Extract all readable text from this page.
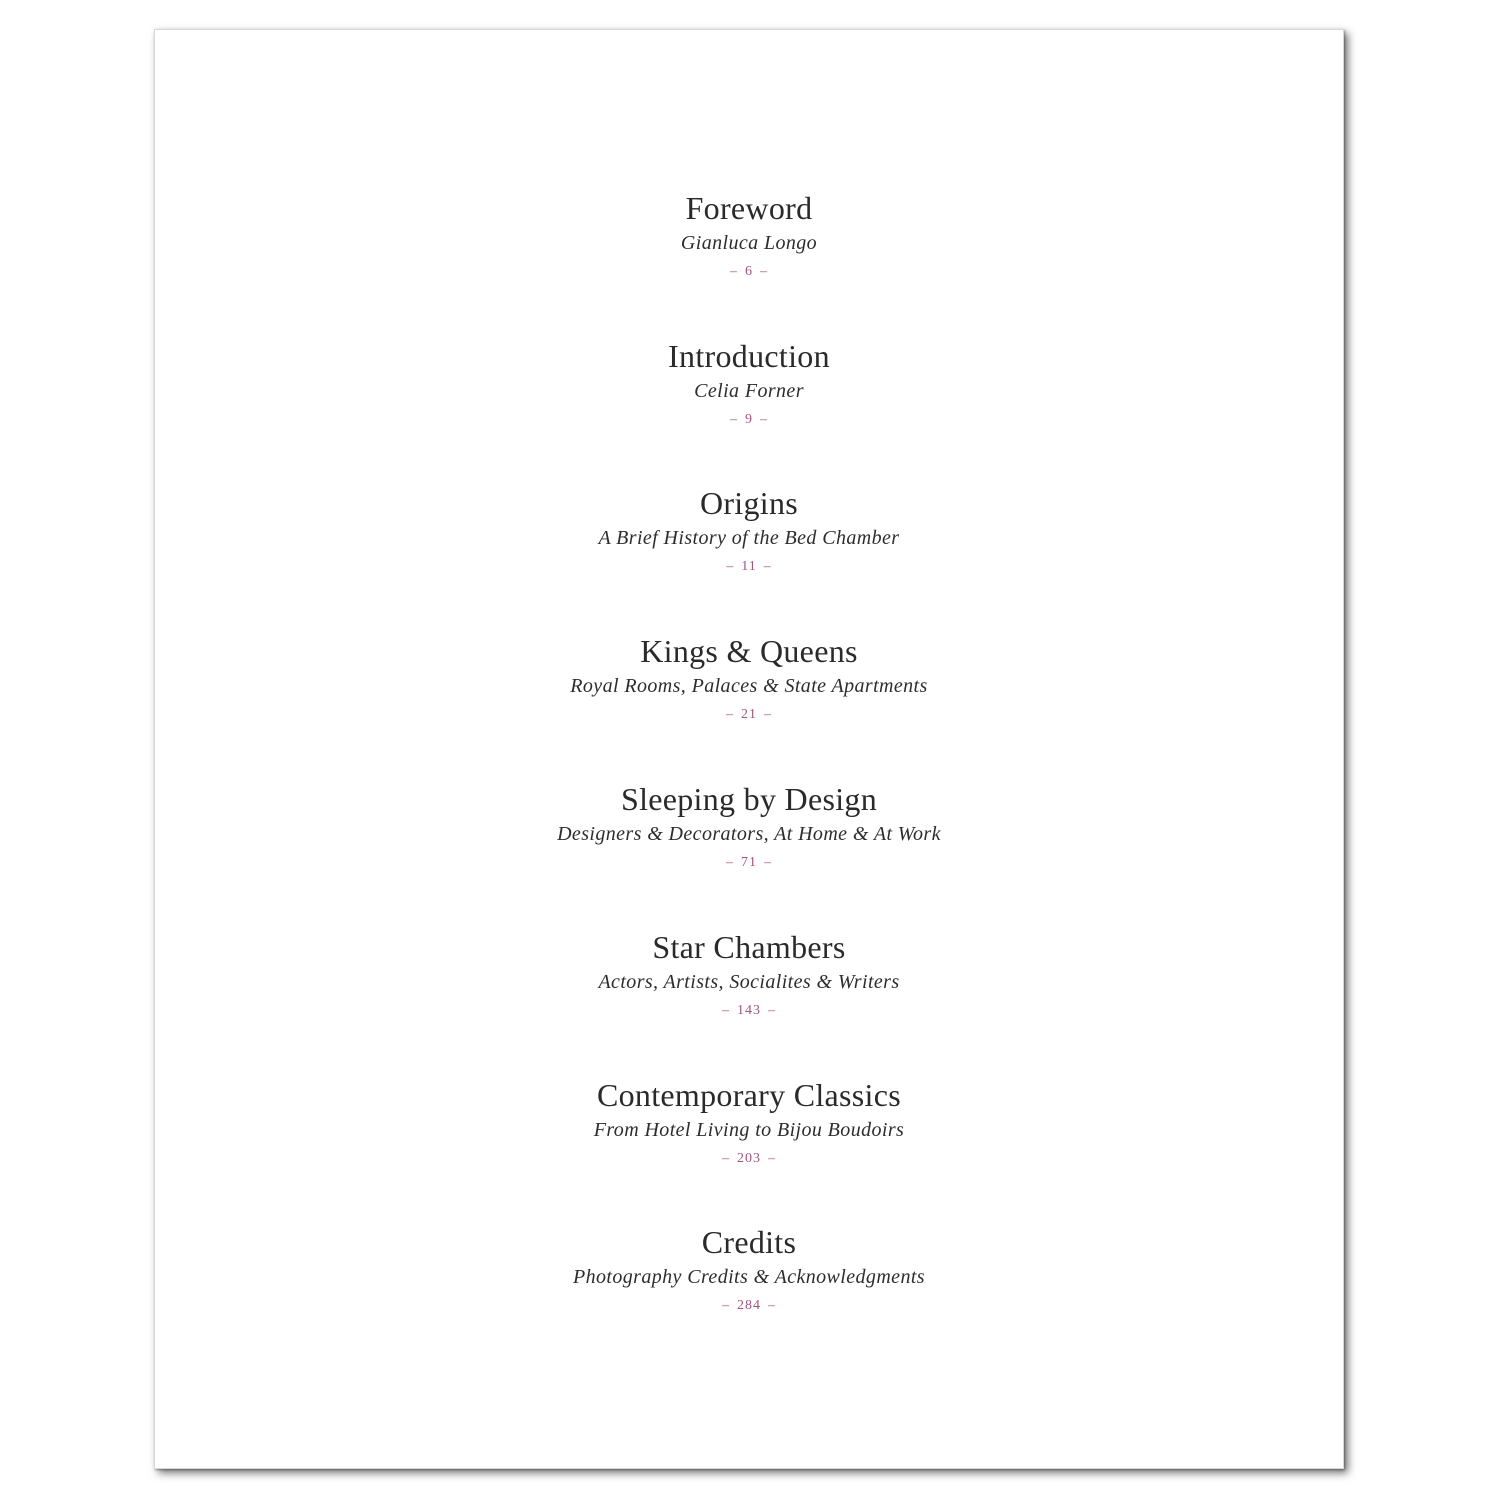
Foreword
Gianluca Longo
– 6 –
Introduction
Celia Forner
– 9 –
Origins
A Brief History of the Bed Chamber
– 11 –
Kings & Queens
Royal Rooms, Palaces & State Apartments
– 21 –
Sleeping by Design
Designers & Decorators, At Home & At Work
– 71 –
Star Chambers
Actors, Artists, Socialites & Writers
– 143 –
Contemporary Classics
From Hotel Living to Bijou Boudoirs
– 203 –
Credits
Photography Credits & Acknowledgments
– 284 –
